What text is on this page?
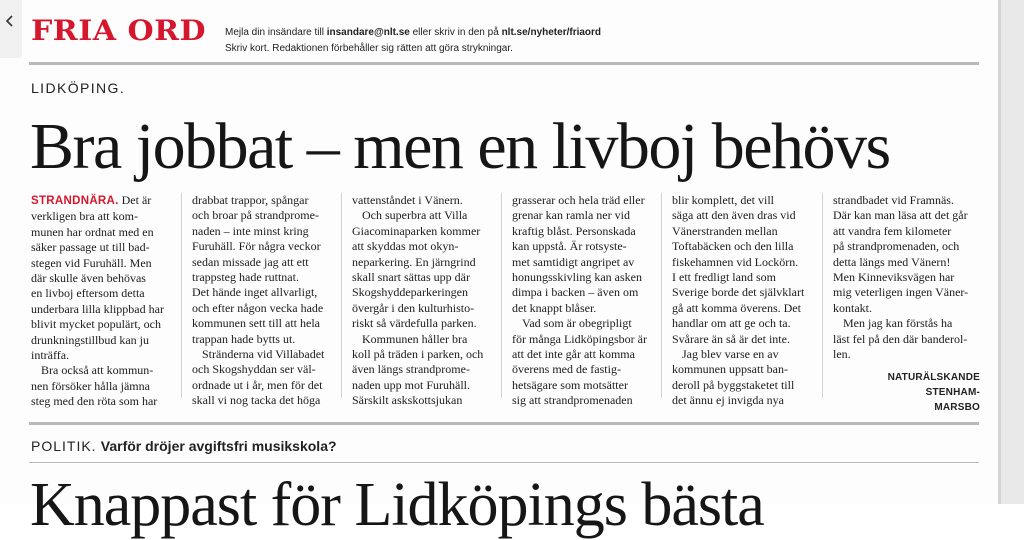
FRIA ORD Mejla din insändare till insandare@nlt.se eller skriv in den på nlt.se/nyheter/friaord
Skriv kort. Redaktionen förbehåller sig rätten att göra strykningar.
LIDKÖPING.
Bra jobbat – men en livboj behövs

STRANDNÄRA. Det är

verkligen bra att kom-

munen har ordnat med en

säker passage ut till bad-

stegen vid Furuhäll. Men

där skulle även behövas

en livboj eftersom detta

underbara lilla klippbad har

blivit mycket populärt, och

drunkningstillbud kan ju

inträffa.

Bra också att kommun-

nen försöker hålla jämna

steg med den röta som har

drabbat trappor, spångar

och broar på strandprome-

naden – inte minst kring

Furuhäll. För några veckor

sedan missade jag att ett

trappsteg hade ruttnat.

Det hände inget allvarligt,

och efter någon vecka hade

kommunen sett till att hela

trappan hade bytts ut.

Stränderna vid Villabadet

och Skogshyddan ser väl-

ordnade ut i år, men för det

skall vi nog tacka det höga

vattenståndet i Vänern.

Och superbra att Villa

Giacominaparken kommer

att skyddas mot okyn-

neparkering. En järngrind

skall snart sättas upp där

Skogshyddeparkeringen

övergår i den kulturhisto-

riskt så värdefulla parken.

Kommunen håller bra

koll på träden i parken, och

även längs strandprome-

naden upp mot Furuhäll.

Särskilt askskottsjukan

grasserar och hela träd eller

grenar kan ramla ner vid

kraftig blåst. Personskada

kan uppstå. Är rotsyste-

met samtidigt angripet av

honungsskivling kan asken

dimpa i backen – även om

det knappt blåser.

Vad som är obegripligt

för många Lidköpingsbor är

att det inte går att komma

överens med de fastig-

hetsägare som motsätter

sig att strandpromenaden

blir komplett, det vill

säga att den även dras vid

Vänerstranden mellan

Toftabäcken och den lilla

fiskehamnen vid Lockörn.

I ett fredligt land som

Sverige borde det självklart

gå att komma överens. Det

handlar om att ge och ta.

Svårare än så är det inte.

Jag blev varse en av

kommunen uppsatt ban-

deroll på byggstaketet till

det ännu ej invigda nya

strandbadet vid Framnäs.

Där kan man läsa att det går

att vandra fem kilometer

på strandpromenaden, och

detta längs med Vänern!

Men Kinneviksvägen har

mig veterligen ingen Väner-

kontakt.

Men jag kan förstås ha

läst fel på den där banderol-

len.

NATURÄLSKANDE STENHAM-
MARSBO
POLITIK. Varför dröjer avgiftsfri musikskola?
Knappast för Lidköpings bästa
